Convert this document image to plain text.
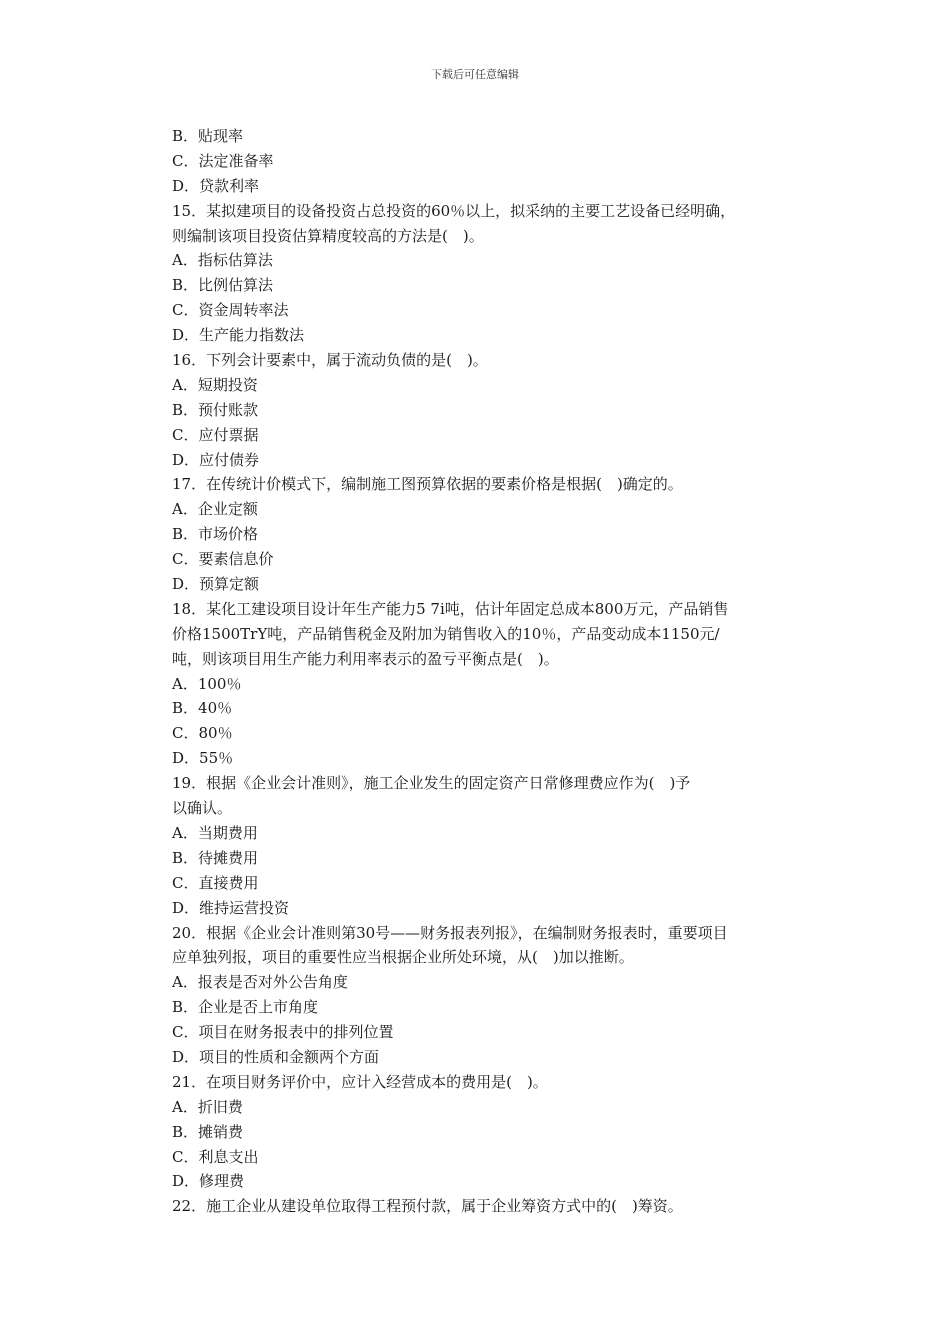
下载后可任意编辑
B．贴现率
C．法定准备率
D．贷款利率
15．某拟建项目的设备投资占总投资的60％以上，拟采纳的主要工艺设备已经明确，
则编制该项目投资估算精度较高的方法是(　)。
A．指标估算法
B．比例估算法
C．资金周转率法
D．生产能力指数法
16．下列会计要素中，属于流动负债的是(　)。
A．短期投资
B．预付账款
C．应付票据
D．应付债券
17．在传统计价模式下，编制施工图预算依据的要素价格是根据(　)确定的。
A．企业定额
B．市场价格
C．要素信息价
D．预算定额
18．某化工建设项目设计年生产能力5 7i吨，估计年固定总成本800万元，产品销售
价格1500TrY吨，产品销售税金及附加为销售收入的10％，产品变动成本1150元/
吨，则该项目用生产能力利用率表示的盈亏平衡点是(　)。
A．100％
B．40％
C．80％
D．55％
19．根据《企业会计准则》，施工企业发生的固定资产日常修理费应作为(　)予
以确认。
A．当期费用
B．待摊费用
C．直接费用
D．维持运营投资
20．根据《企业会计准则第30号——财务报表列报》，在编制财务报表时，重要项目
应单独列报，项目的重要性应当根据企业所处环境，从(　)加以推断。
A．报表是否对外公告角度
B．企业是否上市角度
C．项目在财务报表中的排列位置
D．项目的性质和金额两个方面
21．在项目财务评价中，应计入经营成本的费用是(　)。
A．折旧费
B．摊销费
C．利息支出
D．修理费
22．施工企业从建设单位取得工程预付款，属于企业筹资方式中的(　)筹资。
